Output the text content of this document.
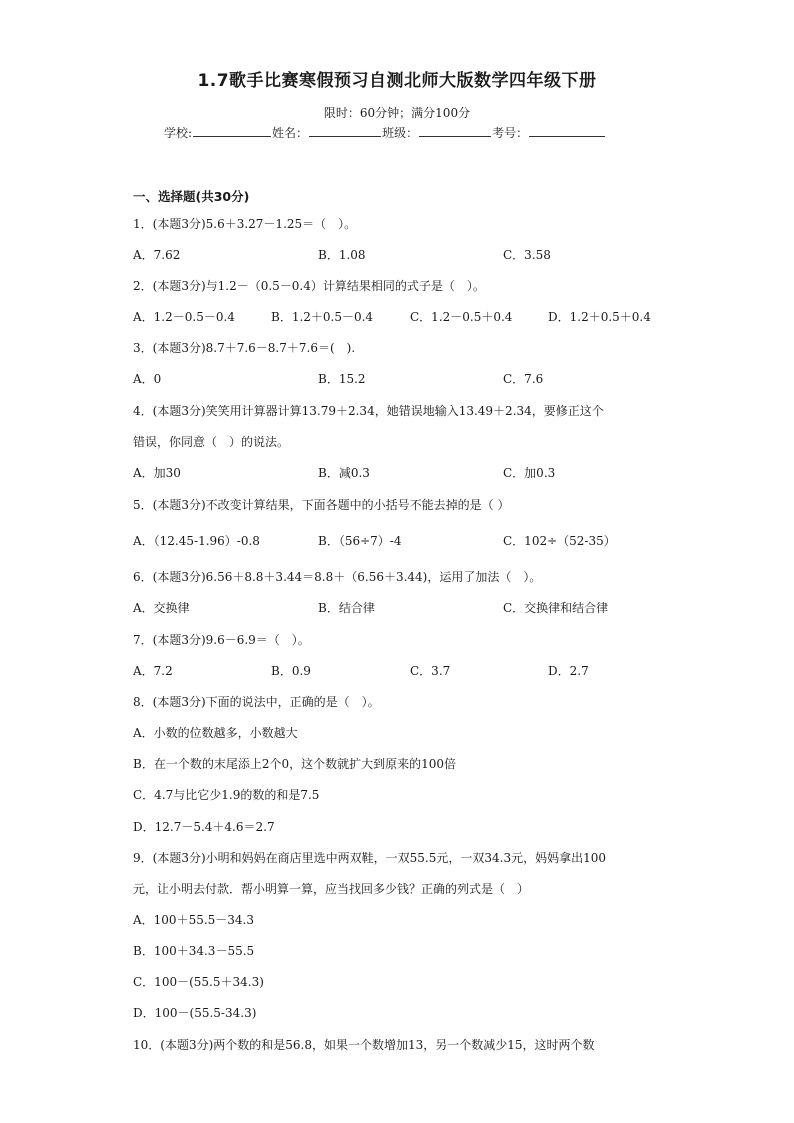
1.7歌手比赛寒假预习自测北师大版数学四年级下册
限时：60分钟；满分100分
学校:	姓名：	班级：	考号：
一、选择题(共30分)
1．(本题3分)5.6＋3.27－1.25＝（　）。
A．7.62	B．1.08	C．3.58
2．(本题3分)与1.2－（0.5－0.4）计算结果相同的式子是（　）。
A．1.2－0.5－0.4	B．1.2＋0.5－0.4	C．1.2－0.5＋0.4	D．1.2＋0.5＋0.4
3．(本题3分)8.7＋7.6－8.7＋7.6＝(　).
A．0	B．15.2	C．7.6
4．(本题3分)笑笑用计算器计算13.79＋2.34，她错误地输入13.49＋2.34，要修正这个
错误，你同意（　）的说法。
A．加30	B．减0.3	C．加0.3
5．(本题3分)不改变计算结果，下面各题中的小括号不能去掉的是（ ）
A．（12.45-1.96）-0.8	B．（56÷7）-4	C．102÷（52-35）
6．(本题3分)6.56＋8.8＋3.44＝8.8＋（6.56＋3.44)，运用了加法（　）。
A．交换律	B．结合律	C．交换律和结合律
7．(本题3分)9.6－6.9＝（　）。
A．7.2	B．0.9	C．3.7	D．2.7
8．(本题3分)下面的说法中，正确的是（　）。
A．小数的位数越多，小数越大
B．在一个数的末尾添上2个0，这个数就扩大到原来的100倍
C．4.7与比它少1.9的数的和是7.5
D．12.7－5.4＋4.6＝2.7
9．(本题3分)小明和妈妈在商店里选中两双鞋，一双55.5元，一双34.3元，妈妈拿出100
元，让小明去付款．帮小明算一算，应当找回多少钱？正确的列式是（　）
A．100＋55.5－34.3
B．100＋34.3－55.5
C．100－(55.5＋34.3)
D．100－(55.5-34.3)
10．(本题3分)两个数的和是56.8，如果一个数增加13，另一个数减少15，这时两个数
